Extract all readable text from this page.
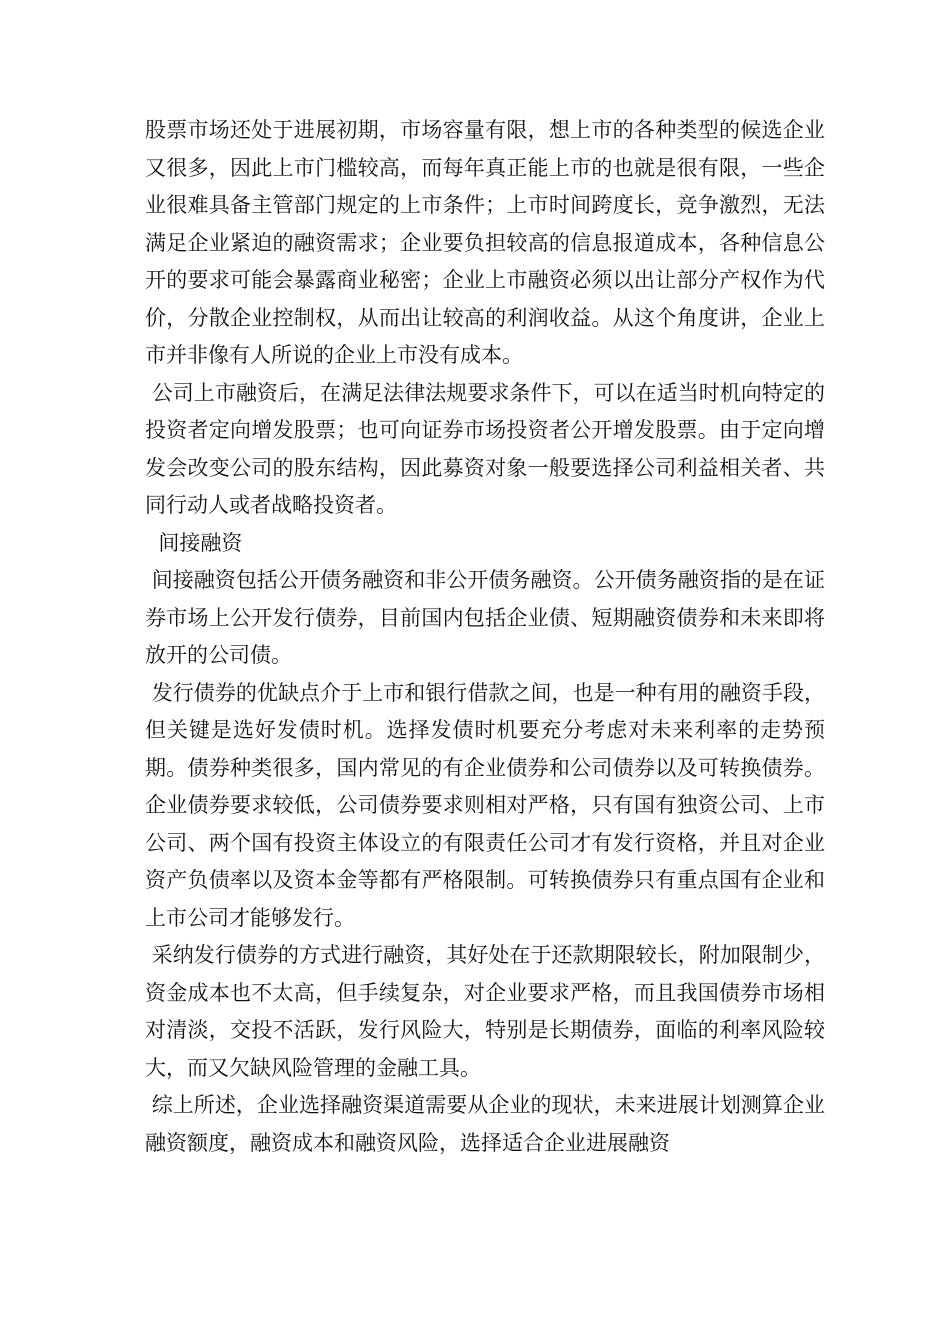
股票市场还处于进展初期，市场容量有限，想上市的各种类型的候选企业又很多，因此上市门槛较高，而每年真正能上市的也就是很有限，一些企业很难具备主管部门规定的上市条件；上市时间跨度长，竞争激烈，无法满足企业紧迫的融资需求；企业要负担较高的信息报道成本，各种信息公开的要求可能会暴露商业秘密；企业上市融资必须以出让部分产权作为代价，分散企业控制权，从而出让较高的利润收益。从这个角度讲，企业上市并非像有人所说的企业上市没有成本。

公司上市融资后，在满足法律法规要求条件下，可以在适当时机向特定的投资者定向增发股票；也可向证券市场投资者公开增发股票。由于定向增发会改变公司的股东结构，因此募资对象一般要选择公司利益相关者、共同行动人或者战略投资者。

间接融资

间接融资包括公开债务融资和非公开债务融资。公开债务融资指的是在证券市场上公开发行债券，目前国内包括企业债、短期融资债券和未来即将放开的公司债。

发行债券的优缺点介于上市和银行借款之间，也是一种有用的融资手段，但关键是选好发债时机。选择发债时机要充分考虑对未来利率的走势预期。债券种类很多，国内常见的有企业债券和公司债券以及可转换债券。企业债券要求较低，公司债券要求则相对严格，只有国有独资公司、上市公司、两个国有投资主体设立的有限责任公司才有发行资格，并且对企业资产负债率以及资本金等都有严格限制。可转换债券只有重点国有企业和上市公司才能够发行。

采纳发行债券的方式进行融资，其好处在于还款期限较长，附加限制少，资金成本也不太高，但手续复杂，对企业要求严格，而且我国债券市场相对清淡，交投不活跃，发行风险大，特别是长期债券，面临的利率风险较大，而又欠缺风险管理的金融工具。

综上所述，企业选择融资渠道需要从企业的现状，未来进展计划测算企业融资额度，融资成本和融资风险，选择适合企业进展融资
